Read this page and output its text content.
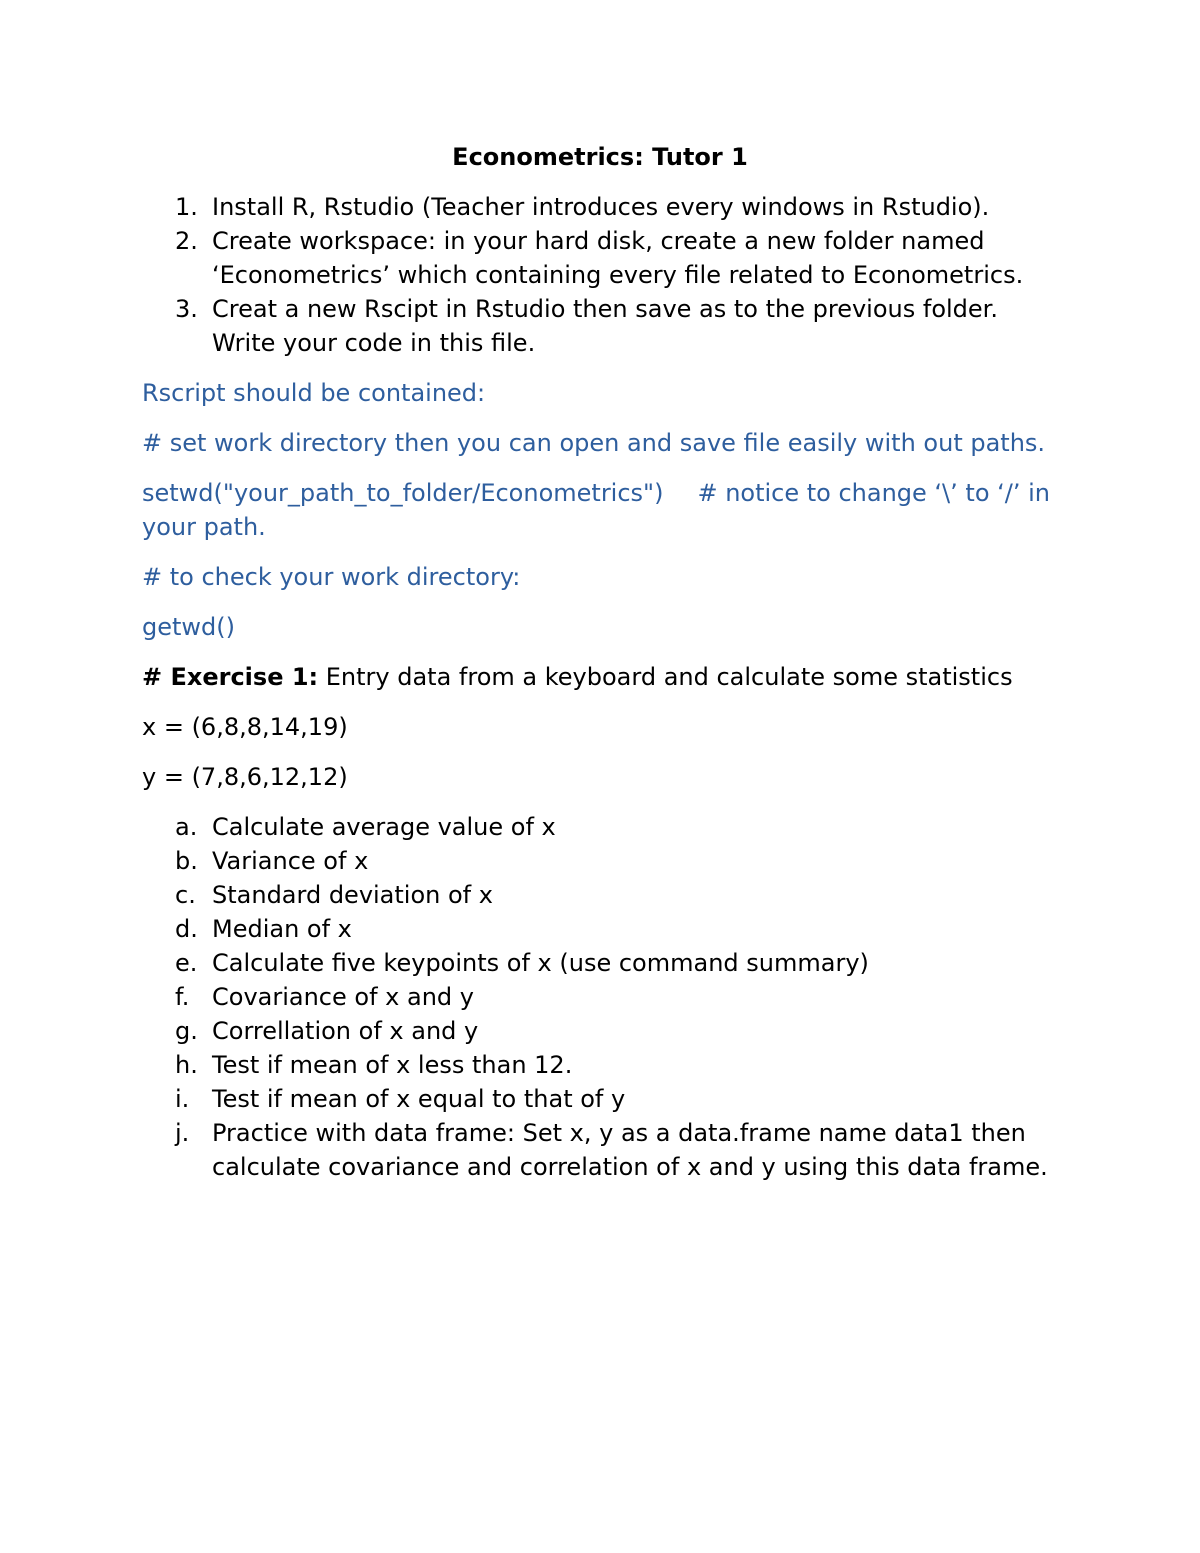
Econometrics: Tutor 1
1. Install R, Rstudio (Teacher introduces every windows in Rstudio).
2. Create workspace: in your hard disk, create a new folder named ‘Econometrics’ which containing every file related to Econometrics.
3. Creat a new Rscipt in Rstudio then save as to the previous folder. Write your code in this file.

Rscript should be contained:

# set work directory then you can open and save file easily with out paths.

setwd("your_path_to_folder/Econometrics") # notice to change ‘\’ to ‘/’ in your path.

# to check your work directory:

getwd()

# Exercise 1: Entry data from a keyboard and calculate some statistics

x = (6,8,8,14,19)

y = (7,8,6,12,12)

a. Calculate average value of x
b. Variance of x
c. Standard deviation of x
d. Median of x
e. Calculate five keypoints of x (use command summary)
f. Covariance of x and y
g. Correllation of x and y
h. Test if mean of x less than 12.
i. Test if mean of x equal to that of y
j. Practice with data frame: Set x, y as a data.frame name data1 then calculate covariance and correlation of x and y using this data frame.
